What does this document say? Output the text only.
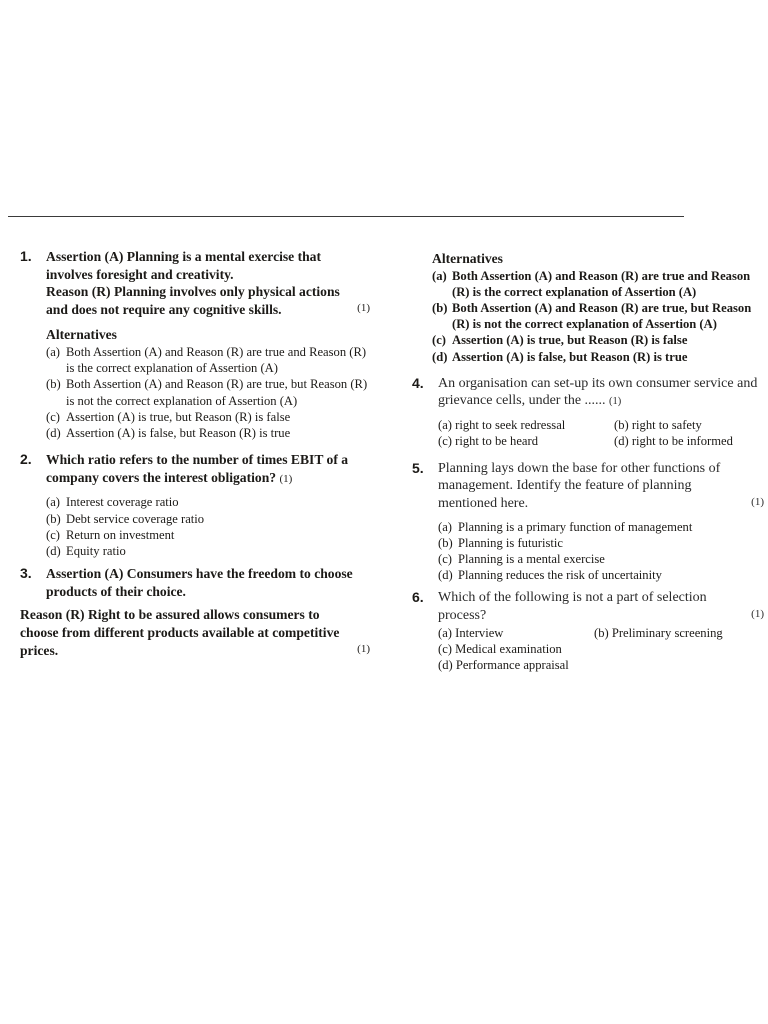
1. Assertion (A) Planning is a mental exercise that involves foresight and creativity.
(1)
Reason (R) Planning involves only physical actions and does not require any cognitive skills.
Alternatives
(a) Both Assertion (A) and Reason (R) are true and Reason (R) is the correct explanation of Assertion (A)
(b) Both Assertion (A) and Reason (R) are true, but Reason (R) is not the correct explanation of Assertion (A)
(c) Assertion (A) is true, but Reason (R) is false
(d) Assertion (A) is false, but Reason (R) is true
2. Which ratio refers to the number of times EBIT of a company covers the interest obligation? (1)
(a) Interest coverage ratio
(b) Debt service coverage ratio
(c) Return on investment
(d) Equity ratio
3. Assertion (A) Consumers have the freedom to choose products of their choice.
(1)
Reason (R) Right to be assured allows consumers to choose from different products available at competitive prices.
Alternatives
(a) Both Assertion (A) and Reason (R) are true and Reason (R) is the correct explanation of Assertion (A)
(b) Both Assertion (A) and Reason (R) are true, but Reason (R) is not the correct explanation of Assertion (A)
(c) Assertion (A) is true, but Reason (R) is false
(d) Assertion (A) is false, but Reason (R) is true
4. An organisation can set-up its own consumer service and grievance cells, under the ...... (1)
(a) right to seek redressal	(b) right to safety
(c) right to be heard	(d) right to be informed
5.
(1)
Planning lays down the base for other functions of management. Identify the feature of planning mentioned here.
(a) Planning is a primary function of management
(b) Planning is futuristic
(c) Planning is a mental exercise
(d) Planning reduces the risk of uncertainity
6.
(1)
Which of the following is not a part of selection process?
(a) Interview	(b) Preliminary screening
(c) Medical examination
(d) Performance appraisal
